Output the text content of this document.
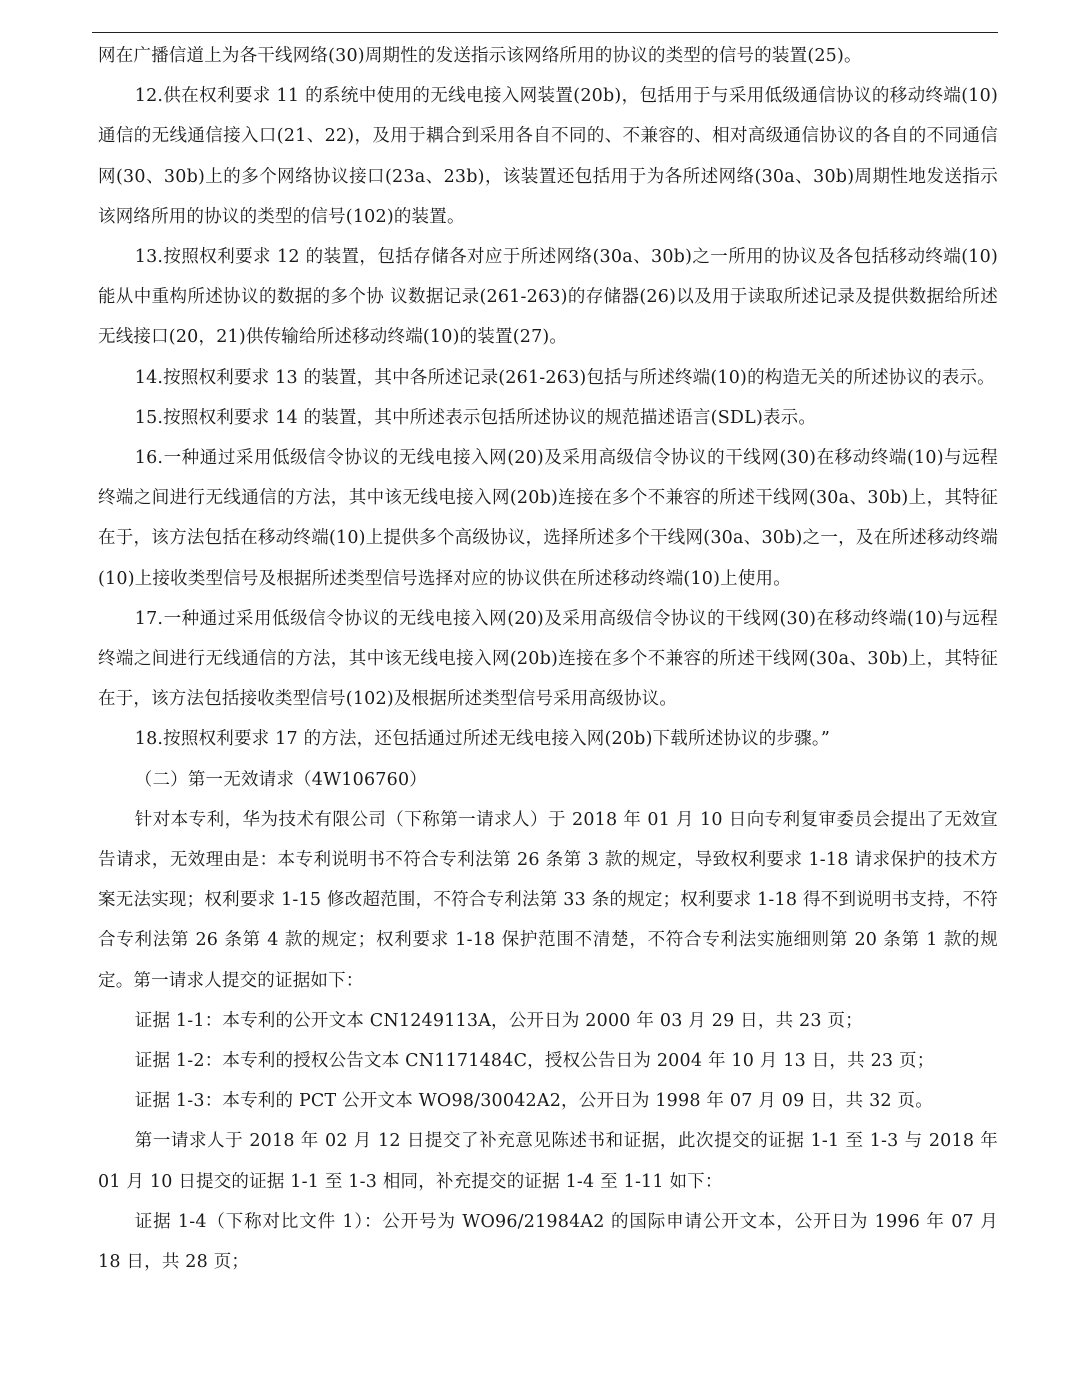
网在广播信道上为各干线网络(30)周期性的发送指示该网络所用的协议的类型的信号的装置(25)。

12.供在权利要求 11 的系统中使用的无线电接入网装置(20b)，包括用于与采用低级通信协议的移动终端(10)通信的无线通信接入口(21、22)，及用于耦合到采用各自不同的、不兼容的、相对高级通信协议的各自的不同通信网(30、30b)上的多个网络协议接口(23a、23b)，该装置还包括用于为各所述网络(30a、30b)周期性地发送指示该网络所用的协议的类型的信号(102)的装置。

13.按照权利要求 12 的装置，包括存储各对应于所述网络(30a、30b)之一所用的协议及各包括移动终端(10)能从中重构所述协议的数据的多个协 议数据记录(261-263)的存储器(26)以及用于读取所述记录及提供数据给所述无线接口(20，21)供传输给所述移动终端(10)的装置(27)。

14.按照权利要求 13 的装置，其中各所述记录(261-263)包括与所述终端(10)的构造无关的所述协议的表示。

15.按照权利要求 14 的装置，其中所述表示包括所述协议的规范描述语言(SDL)表示。

16.一种通过采用低级信令协议的无线电接入网(20)及采用高级信令协议的干线网(30)在移动终端(10)与远程终端之间进行无线通信的方法，其中该无线电接入网(20b)连接在多个不兼容的所述干线网(30a、30b)上，其特征在于，该方法包括在移动终端(10)上提供多个高级协议，选择所述多个干线网(30a、30b)之一，及在所述移动终端(10)上接收类型信号及根据所述类型信号选择对应的协议供在所述移动终端(10)上使用。

17.一种通过采用低级信令协议的无线电接入网(20)及采用高级信令协议的干线网(30)在移动终端(10)与远程终端之间进行无线通信的方法，其中该无线电接入网(20b)连接在多个不兼容的所述干线网(30a、30b)上，其特征在于，该方法包括接收类型信号(102)及根据所述类型信号采用高级协议。

18.按照权利要求 17 的方法，还包括通过所述无线电接入网(20b)下载所述协议的步骤。”

（二）第一无效请求（4W106760）

针对本专利，华为技术有限公司（下称第一请求人）于 2018 年 01 月 10 日向专利复审委员会提出了无效宣告请求，无效理由是：本专利说明书不符合专利法第 26 条第 3 款的规定，导致权利要求 1-18 请求保护的技术方案无法实现；权利要求 1-15 修改超范围，不符合专利法第 33 条的规定；权利要求 1-18 得不到说明书支持，不符合专利法第 26 条第 4 款的规定；权利要求 1-18 保护范围不清楚，不符合专利法实施细则第 20 条第 1 款的规定。第一请求人提交的证据如下：

证据 1-1：本专利的公开文本 CN1249113A，公开日为 2000 年 03 月 29 日，共 23 页；

证据 1-2：本专利的授权公告文本 CN1171484C，授权公告日为 2004 年 10 月 13 日，共 23 页；

证据 1-3：本专利的 PCT 公开文本 WO98/30042A2，公开日为 1998 年 07 月 09 日，共 32 页。

第一请求人于 2018 年 02 月 12 日提交了补充意见陈述书和证据，此次提交的证据 1-1 至 1-3 与 2018 年 01 月 10 日提交的证据 1-1 至 1-3 相同，补充提交的证据 1-4 至 1-11 如下：

证据 1-4（下称对比文件 1）：公开号为 WO96/21984A2 的国际申请公开文本，公开日为 1996 年 07 月 18 日，共 28 页；
